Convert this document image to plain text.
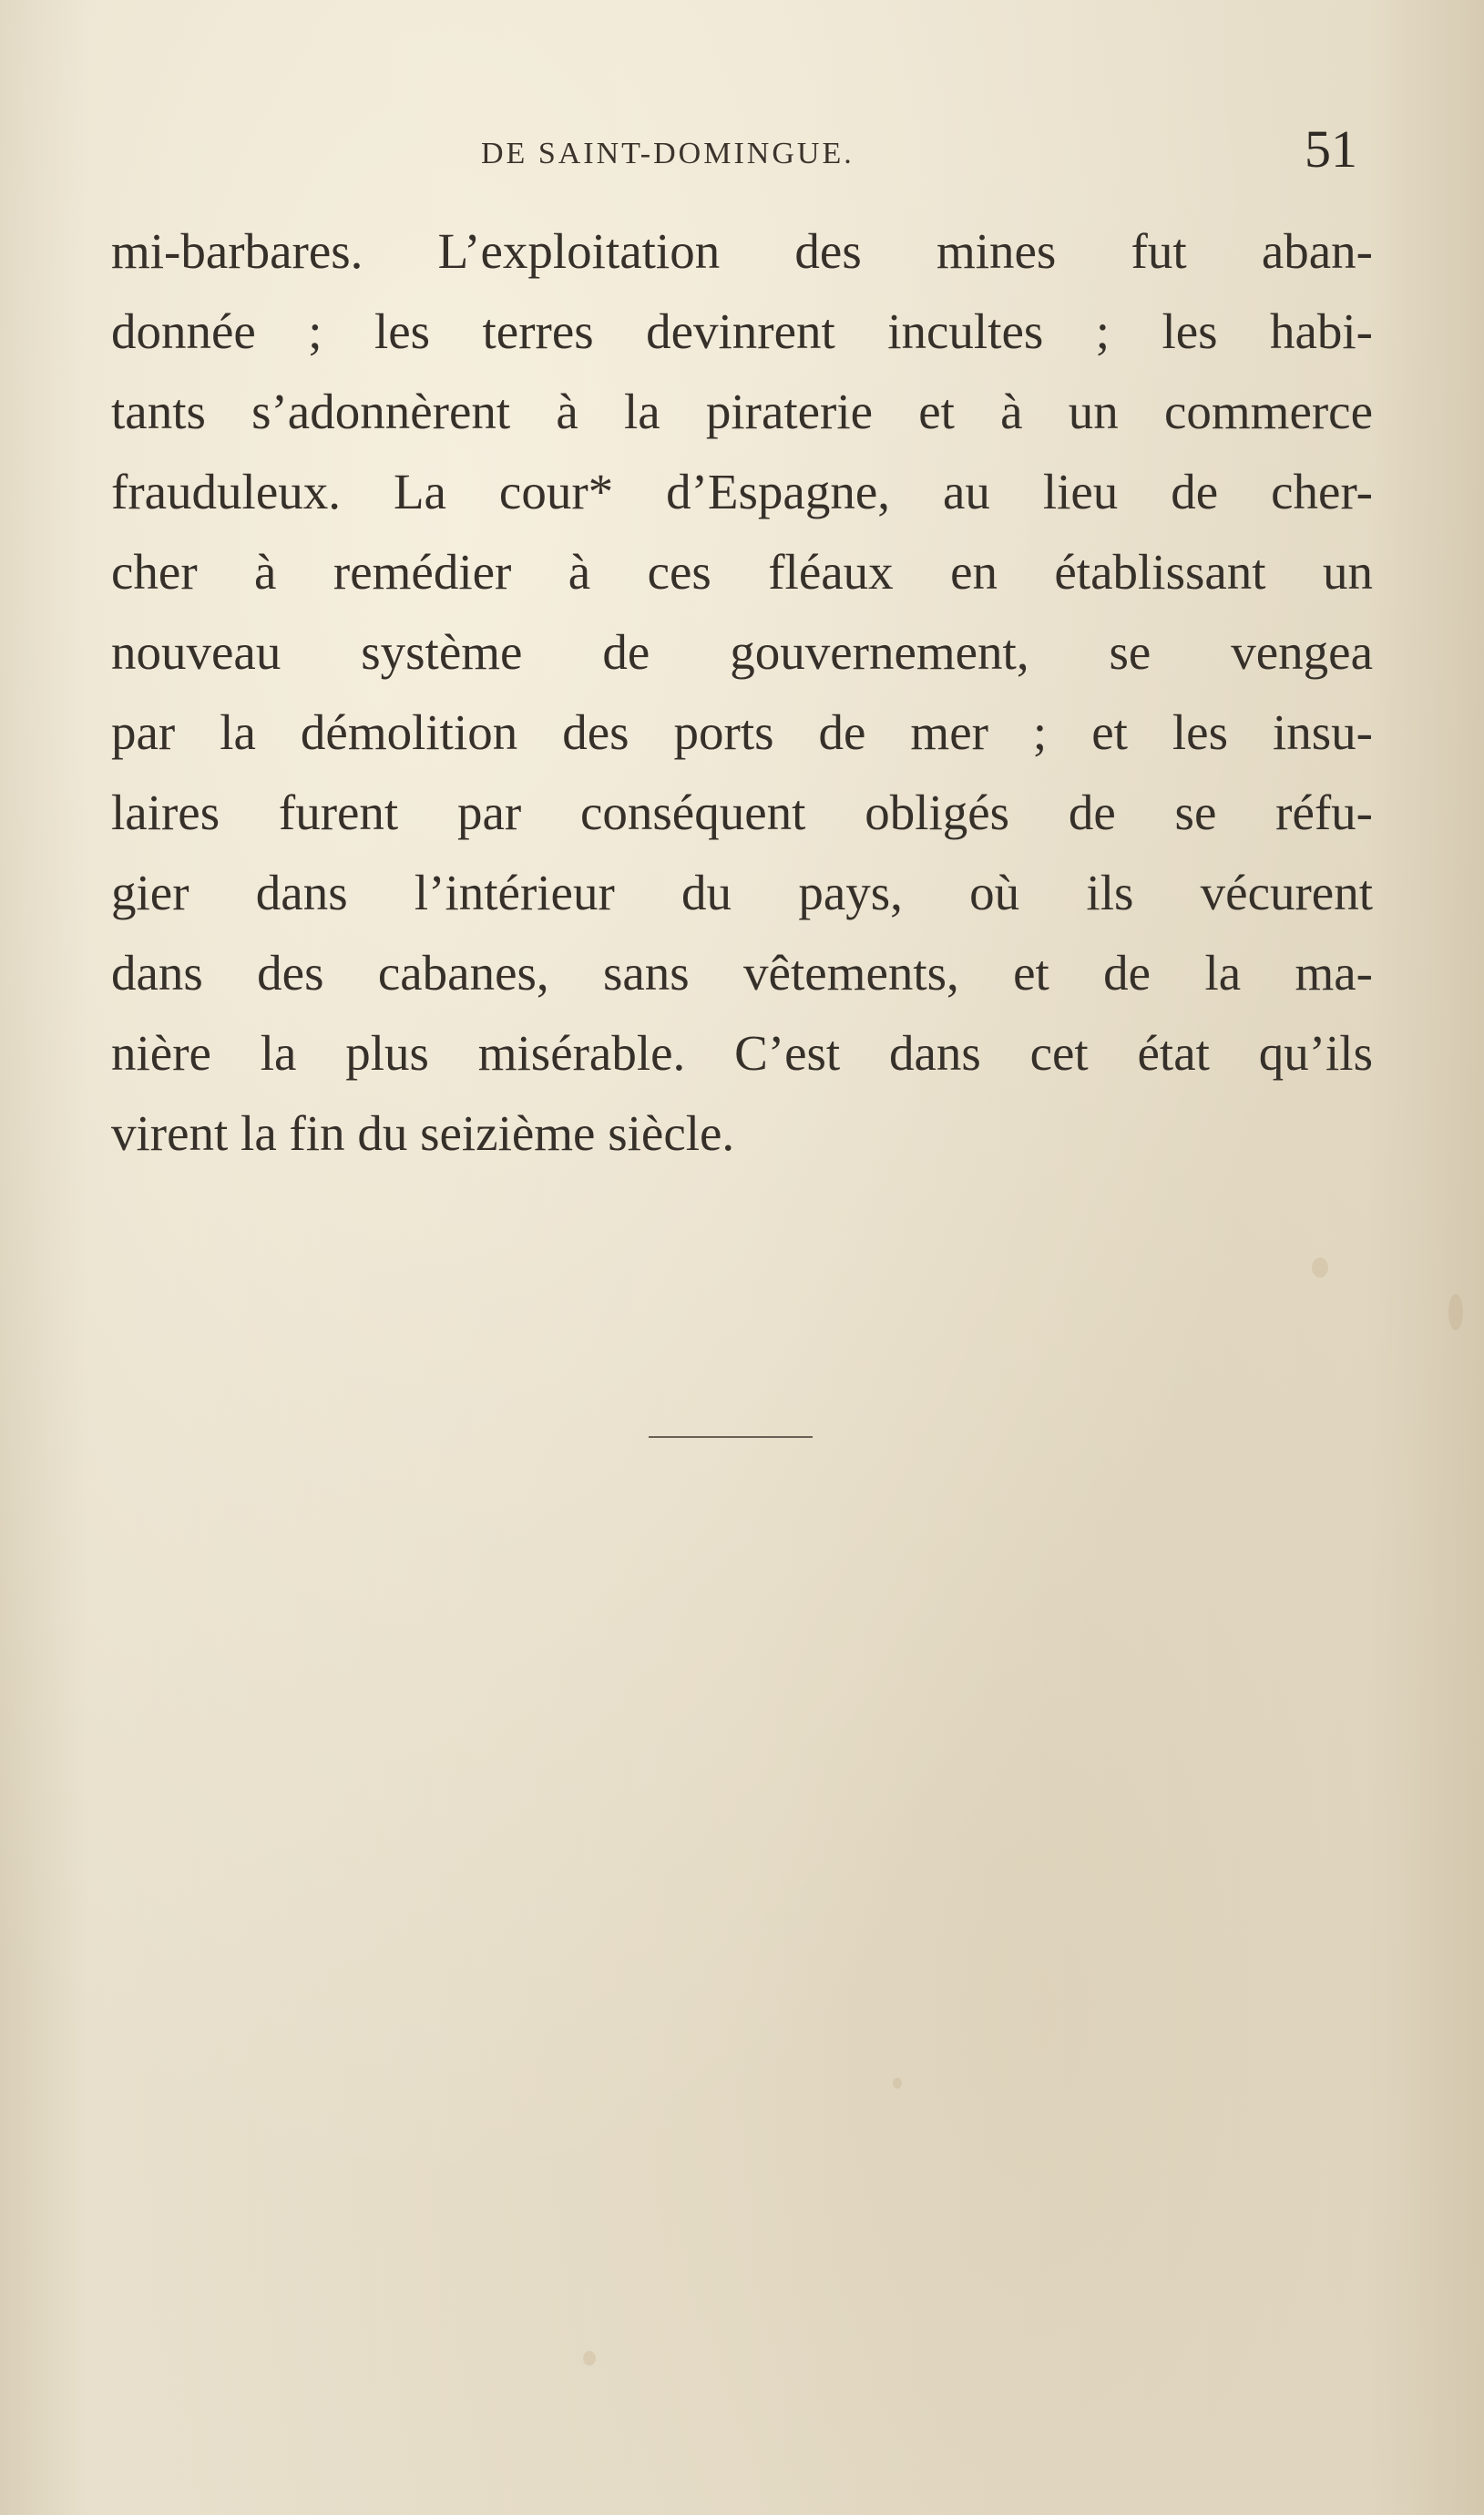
DE SAINT-DOMINGUE.	51
mi-barbares. L’exploitation des mines fut aban-
donnée ; les terres devinrent incultes ; les habi-
tants s’adonnèrent à la piraterie et à un commerce
frauduleux. La cour* d’Espagne, au lieu de cher-
cher à remédier à ces fléaux en établissant un
nouveau système de gouvernement, se vengea
par la démolition des ports de mer ; et les insu-
laires furent par conséquent obligés de se réfu-
gier dans l’intérieur du pays, où ils vécurent
dans des cabanes, sans vêtements, et de la ma-
nière la plus misérable. C’est dans cet état qu’ils
virent la fin du seizième siècle.
